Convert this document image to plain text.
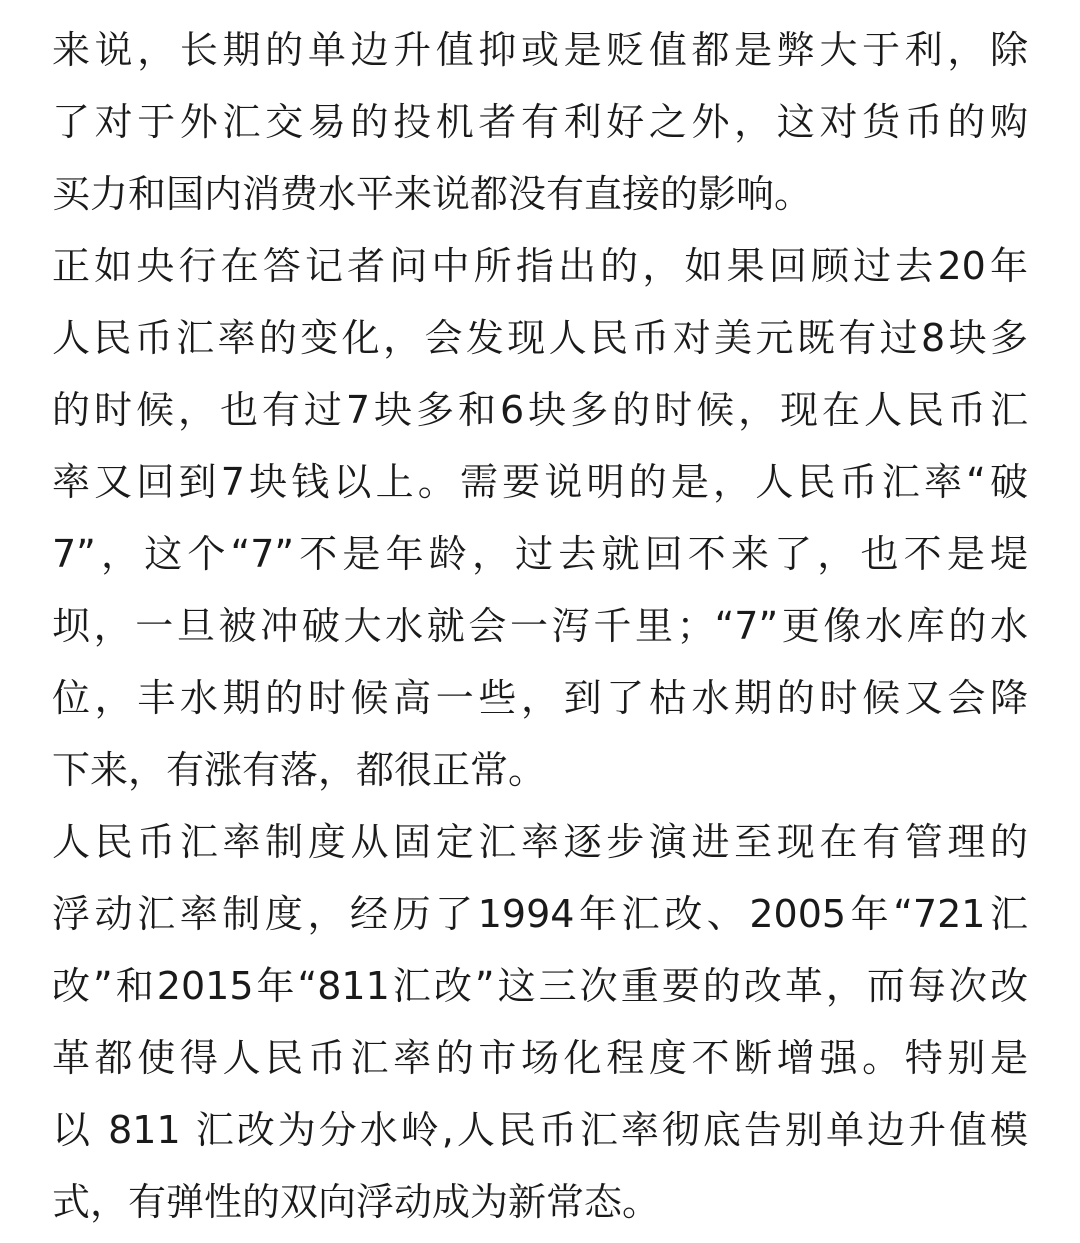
来说，长期的单边升值抑或是贬值都是弊大于利，除
了对于外汇交易的投机者有利好之外，这对货币的购
买力和国内消费水平来说都没有直接的影响。
正如央行在答记者问中所指出的，如果回顾过去20年
人民币汇率的变化，会发现人民币对美元既有过8块多
的时候，也有过7块多和6块多的时候，现在人民币汇
率又回到7块钱以上。需要说明的是，人民币汇率“破
7”，这个“7”不是年龄，过去就回不来了，也不是堤
坝，一旦被冲破大水就会一泻千里；“7”更像水库的水
位，丰水期的时候高一些，到了枯水期的时候又会降
下来，有涨有落，都很正常。
人民币汇率制度从固定汇率逐步演进至现在有管理的
浮动汇率制度，经历了1994年汇改、2005年“721汇
改”和2015年“811汇改”这三次重要的改革，而每次改
革都使得人民币汇率的市场化程度不断增强。特别是
以 811 汇改为分水岭,人民币汇率彻底告别单边升值模
式，有弹性的双向浮动成为新常态。
